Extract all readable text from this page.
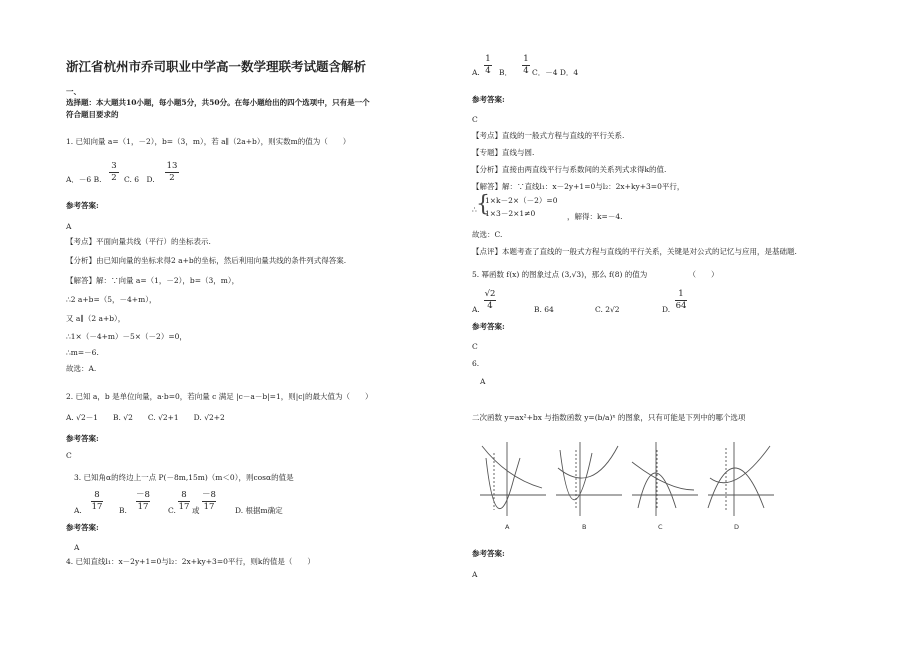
浙江省杭州市乔司职业中学高一数学理联考试题含解析
一、
选择题：本大题共10小题，每小题5分，共50分。在每小题给出的四个选项中，只有是一个
符合题目要求的
1. 已知向量 a=（1，－2），b=（3，m），若 a∥（2a+b），则实数m的值为（　　）
A．－6 B.
3
2 C. 6　D.
13
2
参考答案:
A
【考点】平面向量共线（平行）的坐标表示.
【分析】由已知向量的坐标求得2 a+b的坐标，然后利用向量共线的条件列式得答案.
【解答】解：∵向量 a=（1，－2），b=（3，m），
∴2 a+b=（5，－4+m），
又 a∥（2 a+b），
∴1×（－4+m）－5×（－2）=0，
∴m=－6.
故选：A.
2. 已知 a，b 是单位向量，a·b=0，若向量 c 满足 |c－a－b|=1，则|c|的最大值为（　　）
A. √2－1　　B. √2　　C. √2+1　　D. √2+2
参考答案:
C
3. 已知角α的终边上一点 P(－8m,15m)（m＜0），则cosα的值是
A.
8
17 B.
－8
17	C.
8
17 或
－8
17	D. 根据m确定
参考答案:
A
4. 已知直线l₁：x－2y+1=0与l₂：2x+ky+3=0平行，则k的值是（　　）
A.
1
4 B．
1
4 C．－4 D．4
参考答案:
C
【考点】直线的一般式方程与直线的平行关系.
【专题】直线与圆.
【分析】直接由两直线平行与系数间的关系列式求得k的值.
【解答】解：∵直线l₁：x－2y+1=0与l₂：2x+ky+3=0平行，
∴ {
1×k－2×（－2）=0
1×3－2×1≠0	，解得：k=－4.
故选：C.
【点评】本题考查了直线的一般式方程与直线的平行关系，关键是对公式的记忆与应用，是基础题.
5. 幂函数 f(x) 的图象过点 (3,√3)，那么 f(8) 的值为　　　　　　（　　）
A.
√2
4	B. 64	C. 2√2	D.
1
64
参考答案:
C
6.
A
二次函数 y=ax²+bx 与指数函数 y=(b/a)ˣ 的图象，只有可能是下列中的哪个选项
A	B	C	D
参考答案:
A
